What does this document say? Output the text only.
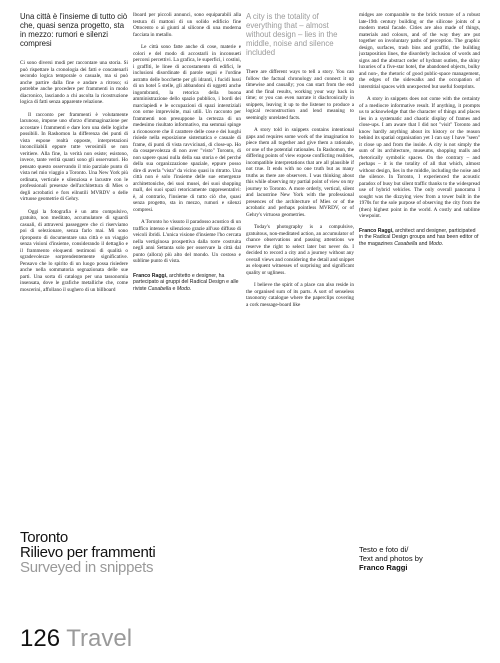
Una città è l'insieme di tutto ciò che, quasi senza progetto, sta in mezzo: rumori e silenzi compresi

Ci sono diversi modi per raccontare una storia. Si può rispettare la cronologia dei fatti e concatenarli secondo logica temporale o casuale, ma si può anche partire dalla fine e andare a ritroso; si potrebbe anche procedere per frammenti in modo diacronico, lasciando a chi ascolta la ricostruzione logica di fatti senza apparente relazione.

Il racconto per frammenti è volutamente lacunoso, impone uno sforzo d'immaginazione per accostare i frammenti e dare loro una delle logiche possibili. In Rashomon la differenza dei punti di vista espone realtà opposte, interpretazioni inconciliabili eppure tutte verosimili se non veritiere. Alla fine, la verità non esiste; esistono, invece, tante verità quanti sono gli osservatori. Ho pensato questo osservando il mio parziale punto di vista nel mio viaggio a Toronto. Una New York più ordinata, verticale e silenziosa e lacustre con le professionali presenze dell'architettura di Mies o degli acrobatici e fors eilnutili MVRDV o delle virtuose geometrie di Gehry.

Oggi la fotografia è un atto compulsivo, gratuito, non meditato, accumulatore di sguardi casuali, di attraversi passeggere che ci riserviamo poi di selezionare, senza farlo mai. Mi sono riproposto di documentare una città e un viaggio senza visioni d'insieme, considerando il dettaglio e il frammento eloquenti testimoni di qualità o sgradevolezze sorprendentemente significative. Pensavo che lo spirito di un luogo possa risiedere anche nella sommatoria segnazionata delle sue parti. Una sorta di catalogo per una tassonomia insensata, dove le grafiche metalliche che, come moscerini, affollano il sughero di un billboard

lboard per piccoli annunci, sono equiparabili alla testura di mattoni di un solido edificio fine Ottocento o ai giunti al silicone di una moderna facciata in metallo.

Le città sono fatte anche di cose, materie e colori e del modo di accostarli in inconsueti percorsi percettivi. La grafica, le superfici, i costini, i graffiti, le linee di accostamento di edifici, le inclusioni disordinate di parole segni e l'ordine astratto delle bocchette per gli idranti, i fucidi lussi di un hotel 5 stelle, gli abbandoni di oggetti anche ingombranti, la retorica della buona amministrazione dello spazio pubblico, i bordi dei marciapiedi e le occupazioni di spazi interstiziali con orme imprevisite, mai utili. Un racconto per frammenti non presuppone la certezza di un medesimo risultato informativo, ma semmai spinge a riconoscere che il carattere delle cose e dei luoghi risiede nella esposizione sistematica e casuale di frame, di punti di vista ravvicinati, di close-up. Ho da cosapevolezza di non aver "visto" Toronto, di non sapere quasi nulla della sua storia e del perché della sua organizzazione spaziale, eppure posso dire di averla "vista" da vicino quasi in ritratto. Una città non è solo l'insieme delle sue emergenze architettoniche, dei suoi musei, dei suoi shopping mall, dei suoi spazi retoricamente rappresentativi: è, al contrario, l'insieme di tutto ciò che, quasi senza progetto, sta in mezzo, rumori e silenzi compresi.

A Toronto ho vissuto il paradosso acustico di un traffico intenso e silenzioso grazie all'uso diffuso di veicoli ibridi. L'unica visione d'insieme l'ho cercata nella vertiginosa prospettiva dalla torre costruita negli anni Settanta solo per osservare la città dal punto (allora) più alto del mondo. Un costoso e sublime punto di vista.

Franco Raggi, architetto e designer, ha partecipato ai gruppi del Radical Design e alle riviste Casabella e Modo.

A city is the totality of everything that – almost without design – lies in the middle, noise and silence included

There are different ways to tell a story. You can follow the factual chronology and connect it up timewise and causally; you can start from the end and the final results, working your way back in time; or you can even narrate it diachronically in snippets, leaving it up to the listener to produce a logical reconstruction and lend meaning to seemingly unrelated facts.

A story told in snippets contains intentional gaps and requires some work of the imagination to piece them all together and give them a rationale, or one of the potential rationales. In Rashomon, the differing points of view expose conflicting realities, incompatible interpretations that are all plausible if not true. It ends with no one truth but as many truths as there are observers. I was thinking about this while observing my partial point of view on my journey to Toronto. A more orderly, vertical, silent and lacustrine New York with the professional presences of the architecture of Mies or of the acrobatic and perhaps pointless MVRDV, or of Gehry's virtuoso geometries.

Today's photography is a compulsive, gratuitous, non-meditated action, an accumulator of chance observations and passing attentions we reserve the right to select later but never do. I decided to record a city and a journey without any overall views and considering the detail and snippet as eloquent witnesses of surprising and significant quality or ugliness.

I believe the spirit of a place can also reside in the organised sum of its parts. A sort of senseless taxonomy catalogue where the paperclips covering a cork message-board like

midges are comparable to the brick texture of a robust late-19th century building or the silicone joints of a modern metal facade. Cities are also made of things, materials and colours, and of the way they are put together on involuntary paths of perception. The graphic design, surfaces, trash bins and graffiti, the building juxtaposition lines, the disorderly inclusion of words and signs and the abstract order of hydrant outlets, the shiny luxuries of a five-star hotel, the abandoned objects, bulky and non-, the rhetoric of good public-space management, the edges of the sidewalks and the occupation of interstitial spaces with unexpected but useful footprints.

A story in snippets does not come with the certainty of a mediocre informative result. If anything, it prompts us to acknowledge that the character of things and places lies in a systematic and chaotic display of frames and close-ups. I am aware that I did not "visit" Toronto and know hardly anything about its history or the reason behind its spatial organisation yet I can say I have "seen" it close up and from the inside. A city is not simply the sum of its architecture, museums, shopping malls and rhetorically symbolic spaces. On the contrary – and perhaps – it is the totality of all that which, almost without design, lies in the middle, including the noise and the silence. In Toronto, I experienced the acoustic paradox of busy but silent traffic thanks to the widespread use of hybrid vehicles. The only overall panorama I sought was the dizzying view from a tower built in the 1970s for the sole purpose of observing the city from the (then) highest point in the world. A costly and sublime viewpoint.

Franco Raggi, architect and designer, participated in the Radical Design groups and has been editor of the magazines Casabella and Modo.

Toronto
Rilievo per frammenti
Surveyed in snippets
Testo e foto di/
Text and photos by
Franco Raggi
126 Travel
